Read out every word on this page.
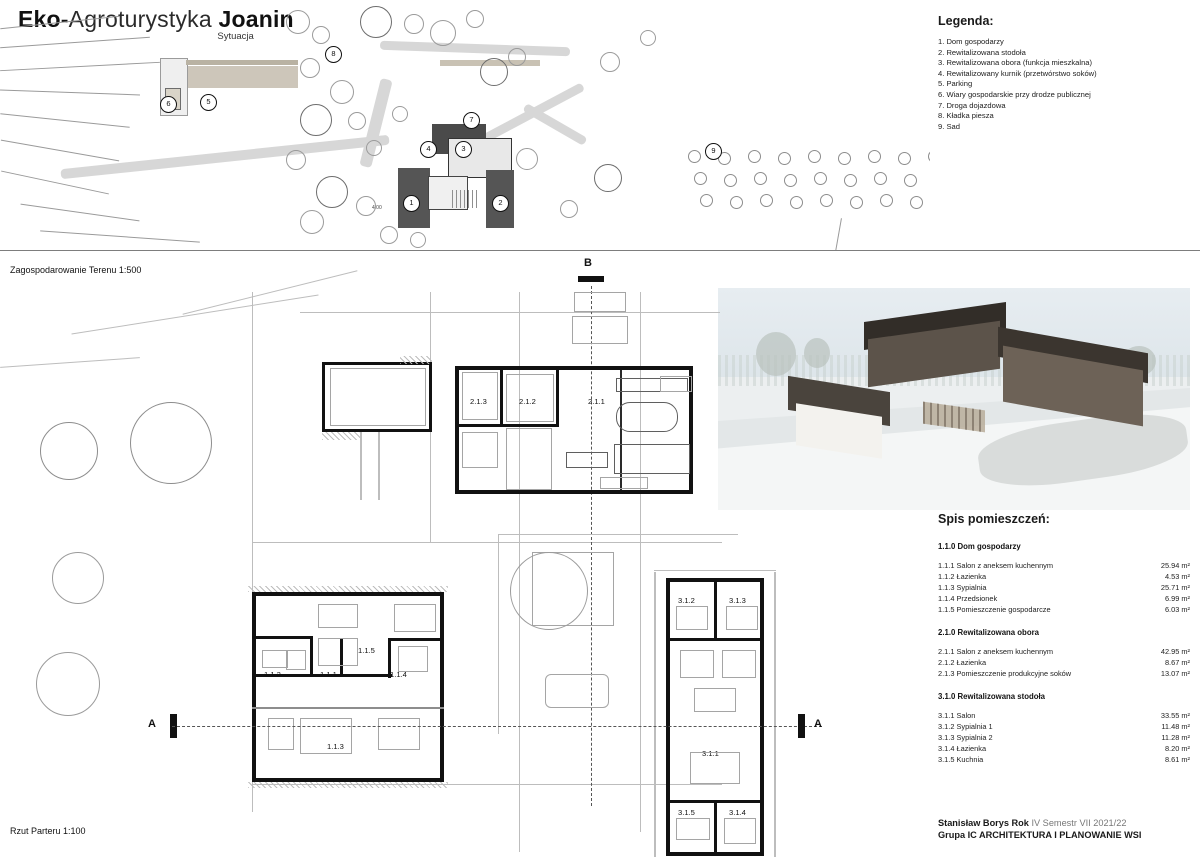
Eko-Agroturystyka Joanin
Sytuacja
Legenda:
1. Dom gospodarzy
2. Rewitalizowana stodoła
3. Rewitalizowana obora (funkcja mieszkalna)
4. Rewitalizowany kurnik (przetwórstwo soków)
5. Parking
6. Wiary gospodarskie przy drodze publicznej
7. Droga dojazdowa
8. Kładka piesza
9. Sad
4.00
8
5
6
7
3
4
1	2
9
Zagospodarowanie Terenu 1:500
Rzut Parteru 1:100
Spis pomieszczeń:
1.1.0 Dom gospodarzy
1.1.1 Salon z aneksem kuchennym	25.94 m²
1.1.2 Łazienka	4.53 m²
1.1.3 Sypialnia	25.71 m²
1.1.4 Przedsionek	6.99 m²
1.1.5 Pomieszczenie gospodarcze	6.03 m²
2.1.0 Rewitalizowana obora
2.1.1 Salon z aneksem kuchennym	42.95 m²
2.1.2 Łazienka	8.67 m²
2.1.3 Pomieszczenie produkcyjne soków	13.07 m²
3.1.0 Rewitalizowana stodoła
3.1.1 Salon	33.55 m²
3.1.2 Sypialnia 1	11.48 m²
3.1.3 Sypialnia 2	11.28 m²
3.1.4 Łazienka	8.20 m²
3.1.5 Kuchnia	8.61 m²
Stanisław Borys Rok IV Semestr VII 2021/22
Grupa IC ARCHITEKTURA I PLANOWANIE WSI
B
2.1.3	2.1.2	2.1.1
1.1.5
1.1.2	1.1.1	1.1.4
1.1.3
3.1.2	3.1.3
3.1.1
3.1.5	3.1.4
A	A
